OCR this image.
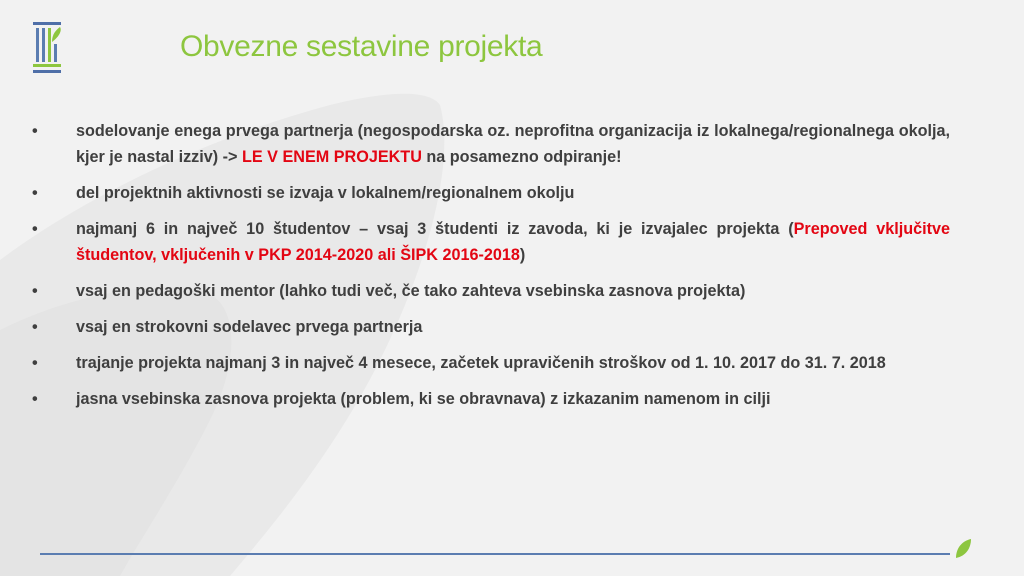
Obvezne sestavine projekta
•	sodelovanje enega prvega partnerja (negospodarska oz. neprofitna organizacija iz lokalnega/regionalnega okolja, kjer je nastal izziv) -> LE V ENEM PROJEKTU na posamezno odpiranje!
•	del projektnih aktivnosti se izvaja v lokalnem/regionalnem okolju
•	najmanj 6 in največ 10 študentov – vsaj 3 študenti iz zavoda, ki je izvajalec projekta (Prepoved vključitve študentov, vključenih v PKP 2014-2020 ali ŠIPK 2016-2018)
•	vsaj en pedagoški mentor (lahko tudi več, če tako zahteva vsebinska zasnova projekta)
•	vsaj en strokovni sodelavec prvega partnerja
•	trajanje projekta najmanj 3 in največ 4 mesece, začetek upravičenih stroškov od 1. 10. 2017 do 31. 7. 2018
•	jasna vsebinska zasnova projekta (problem, ki se obravnava) z izkazanim namenom in cilji
